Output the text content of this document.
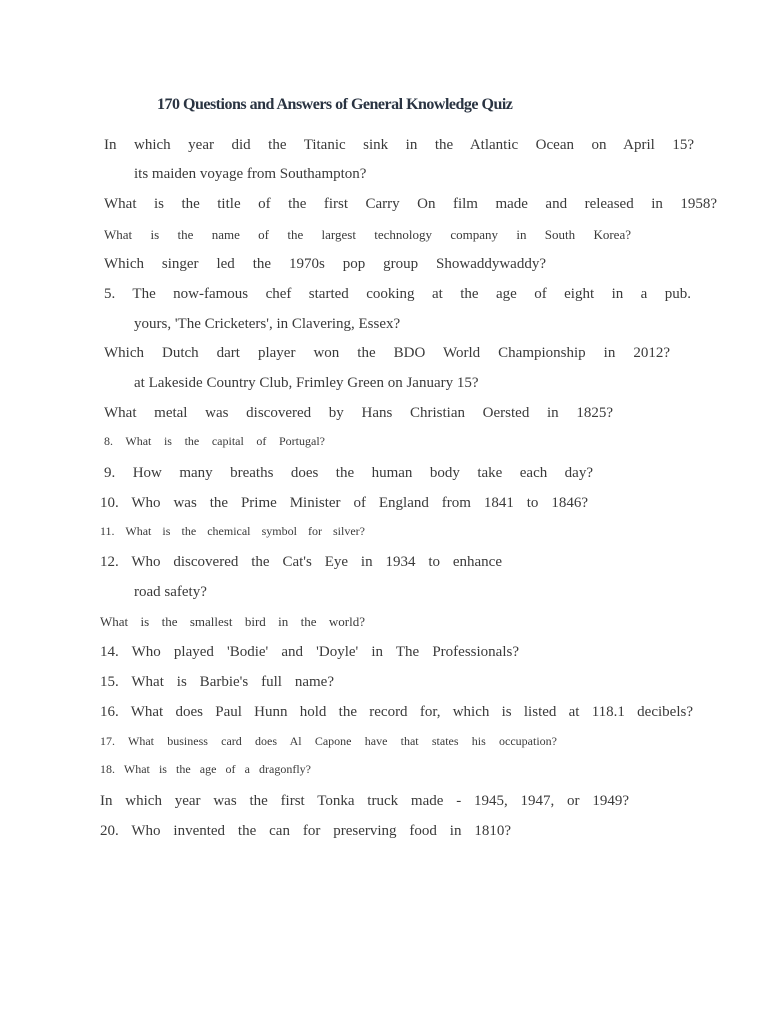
170 Questions and Answers of General Knowledge Quiz
In which year did the Titanic sink in the Atlantic Ocean on April 15?
its maiden voyage from Southampton?
What is the title of the first Carry On film made and released in 1958?
What is the name of the largest technology company in South Korea?
Which singer led the 1970s pop group Showaddywaddy?
5. The now-famous chef started cooking at the age of eight in a pub.
yours, 'The Cricketers', in Clavering, Essex?
Which Dutch dart player won the BDO World Championship in 2012?
at Lakeside Country Club, Frimley Green on January 15?
What metal was discovered by Hans Christian Oersted in 1825?
8. What is the capital of Portugal?
9. How many breaths does the human body take each day?
10. Who was the Prime Minister of England from 1841 to 1846?
11. What is the chemical symbol for silver?
12. Who discovered the Cat's Eye in 1934 to enhance
road safety?
What is the smallest bird in the world?
14. Who played 'Bodie' and 'Doyle' in The Professionals?
15. What is Barbie's full name?
16. What does Paul Hunn hold the record for, which is listed at 118.1 decibels?
17. What business card does Al Capone have that states his occupation?
18. What is the age of a dragonfly?
In which year was the first Tonka truck made - 1945, 1947, or 1949?
20. Who invented the can for preserving food in 1810?
